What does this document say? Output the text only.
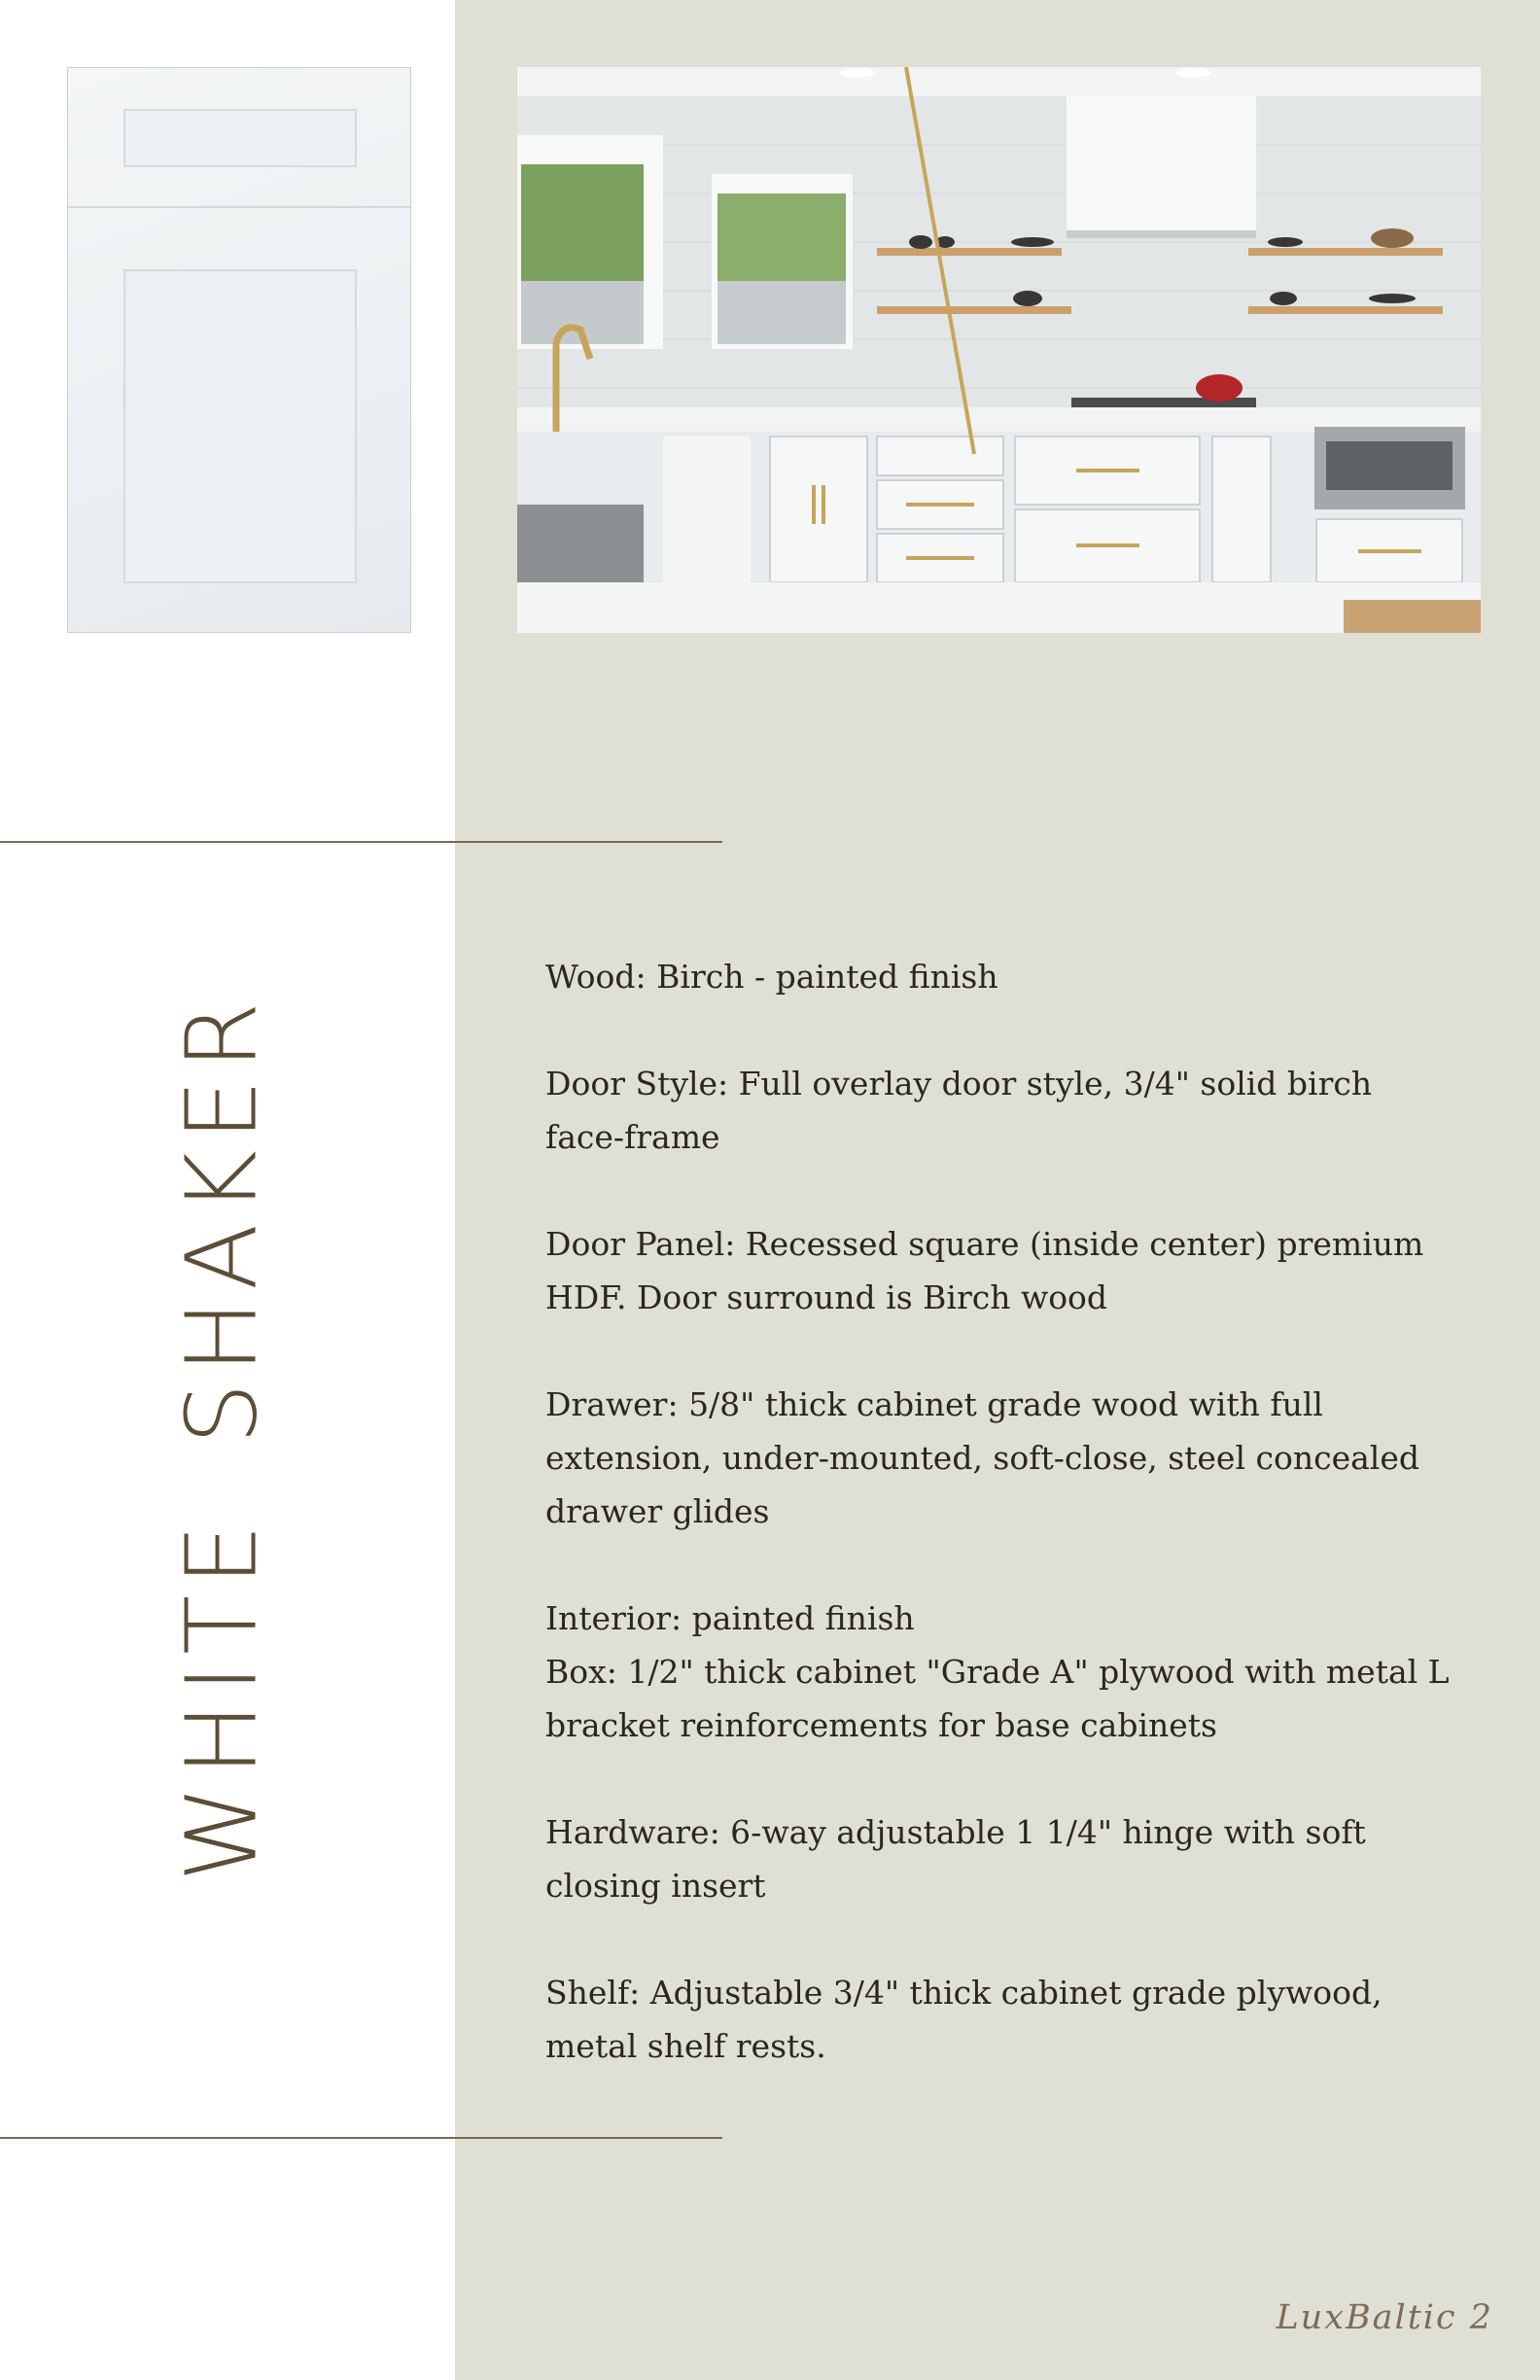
WHITE SHAKER

Wood: Birch - painted finish

Door Style: Full overlay door style, 3/4" solid birch face-frame

Door Panel: Recessed square (inside center) premium HDF. Door surround is Birch wood

Drawer: 5/8" thick cabinet grade wood with full extension, under-mounted, soft-close, steel concealed drawer glides

Interior: painted finish

Box: 1/2" thick cabinet "Grade A" plywood with metal L bracket reinforcements for base cabinets

Hardware: 6-way adjustable 1 1/4" hinge with soft closing insert

Shelf: Adjustable 3/4" thick cabinet grade plywood, metal shelf rests.

LuxBaltic 2
